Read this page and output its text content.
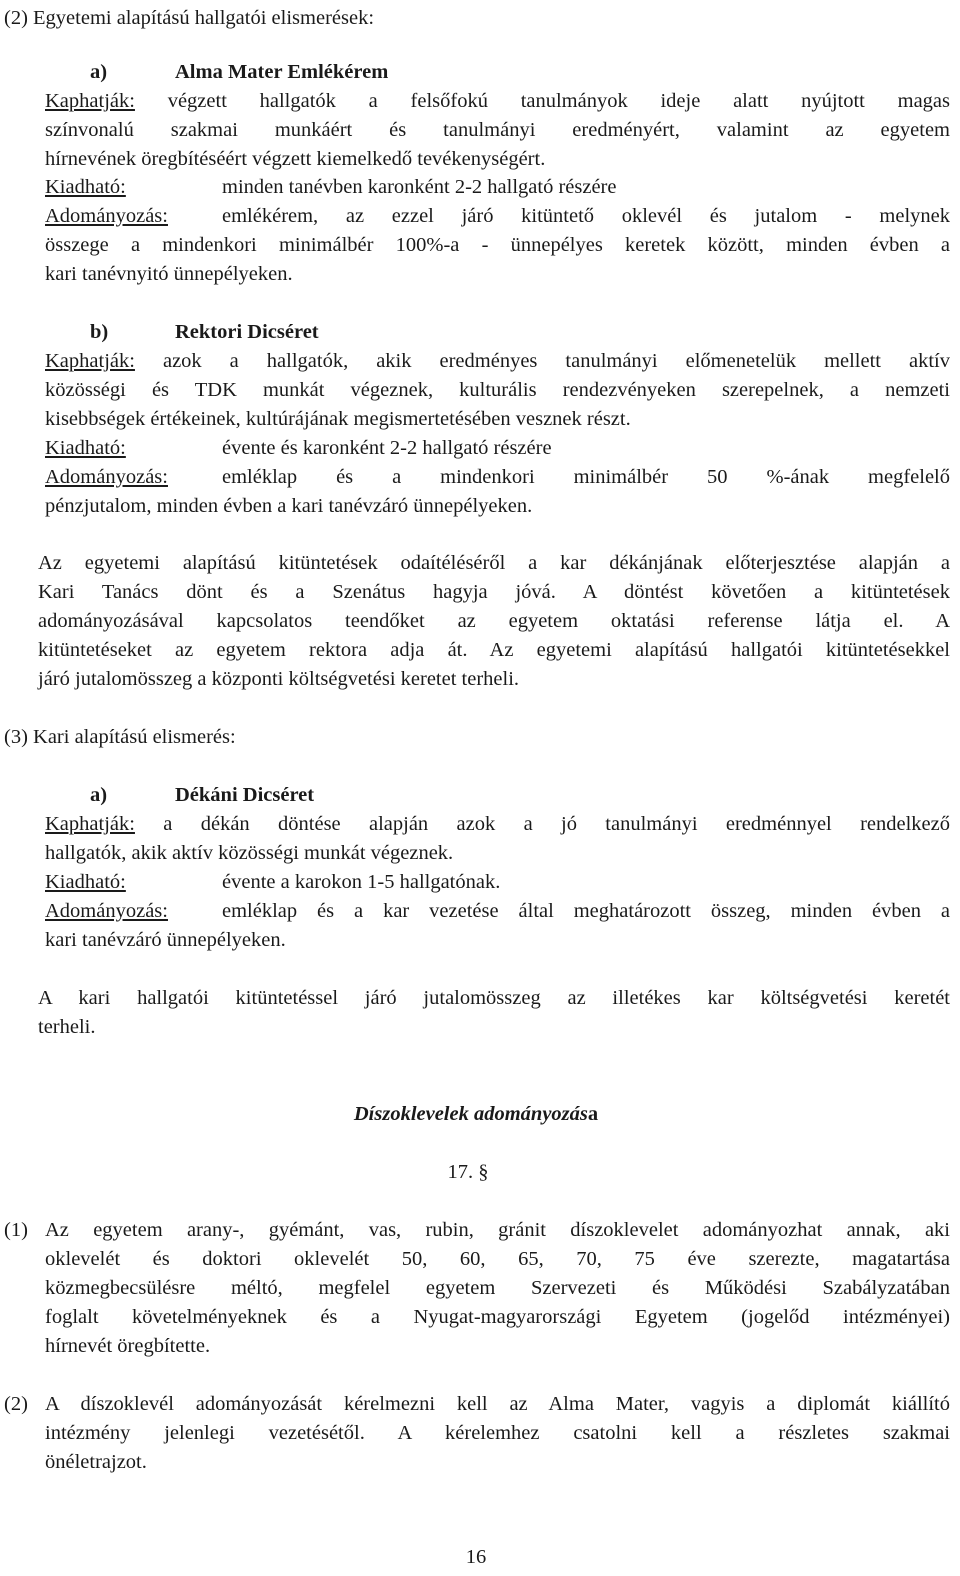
(2) Egyetemi alapítású hallgatói elismerések:
a)	Alma Mater Emlékérem
Kaphatják: végzett hallgatók a felsőfokú tanulmányok ideje alatt nyújtott magas
színvonalú szakmai munkáért és tanulmányi eredményért, valamint az egyetem
hírnevének öregbítéséért végzett kiemelkedő tevékenységért.
Kiadható:	minden tanévben karonként 2-2 hallgató részére
Adományozás:	emlékérem, az ezzel járó kitüntető oklevél és jutalom - melynek
összege a mindenkori minimálbér 100%-a - ünnepélyes keretek között, minden évben a
kari tanévnyitó ünnepélyeken.
b)	Rektori Dicséret
Kaphatják: azok a hallgatók, akik eredményes tanulmányi előmenetelük mellett aktív
közösségi és TDK munkát végeznek, kulturális rendezvényeken szerepelnek, a nemzeti
kisebbségek értékeinek, kultúrájának megismertetésében vesznek részt.
Kiadható:	évente és karonként 2-2 hallgató részére
Adományozás:	emléklap és a mindenkori minimálbér 50 %-ának megfelelő
pénzjutalom, minden évben a kari tanévzáró ünnepélyeken.
Az egyetemi alapítású kitüntetések odaítéléséről a kar dékánjának előterjesztése alapján a
Kari Tanács dönt és a Szenátus hagyja jóvá. A döntést követően a kitüntetések
adományozásával kapcsolatos teendőket az egyetem oktatási referense látja el. A
kitüntetéseket az egyetem rektora adja át. Az egyetemi alapítású hallgatói kitüntetésekkel
járó jutalomösszeg a központi költségvetési keretet terheli.
(3) Kari alapítású elismerés:
a)	Dékáni Dicséret
Kaphatják: a dékán döntése alapján azok a jó tanulmányi eredménnyel rendelkező
hallgatók, akik aktív közösségi munkát végeznek.
Kiadható:	évente a karokon 1-5 hallgatónak.
Adományozás:	emléklap és a kar vezetése által meghatározott összeg, minden évben a
kari tanévzáró ünnepélyeken.
A kari hallgatói kitüntetéssel járó jutalomösszeg az illetékes kar költségvetési keretét
terheli.
Díszoklevelek adományozása
17. §
(1) Az egyetem arany-, gyémánt, vas, rubin, gránit díszoklevelet adományozhat annak, aki
oklevelét és doktori oklevelét 50, 60, 65, 70, 75 éve szerezte, magatartása
közmegbecsülésre méltó, megfelel egyetem Szervezeti és Működési Szabályzatában
foglalt követelményeknek és a Nyugat-magyarországi Egyetem (jogelőd intézményei)
hírnevét öregbítette.
(2) A díszoklevél adományozását kérelmezni kell az Alma Mater, vagyis a diplomát kiállító
intézmény jelenlegi vezetésétől. A kérelemhez csatolni kell a részletes szakmai
önéletrajzot.
16
